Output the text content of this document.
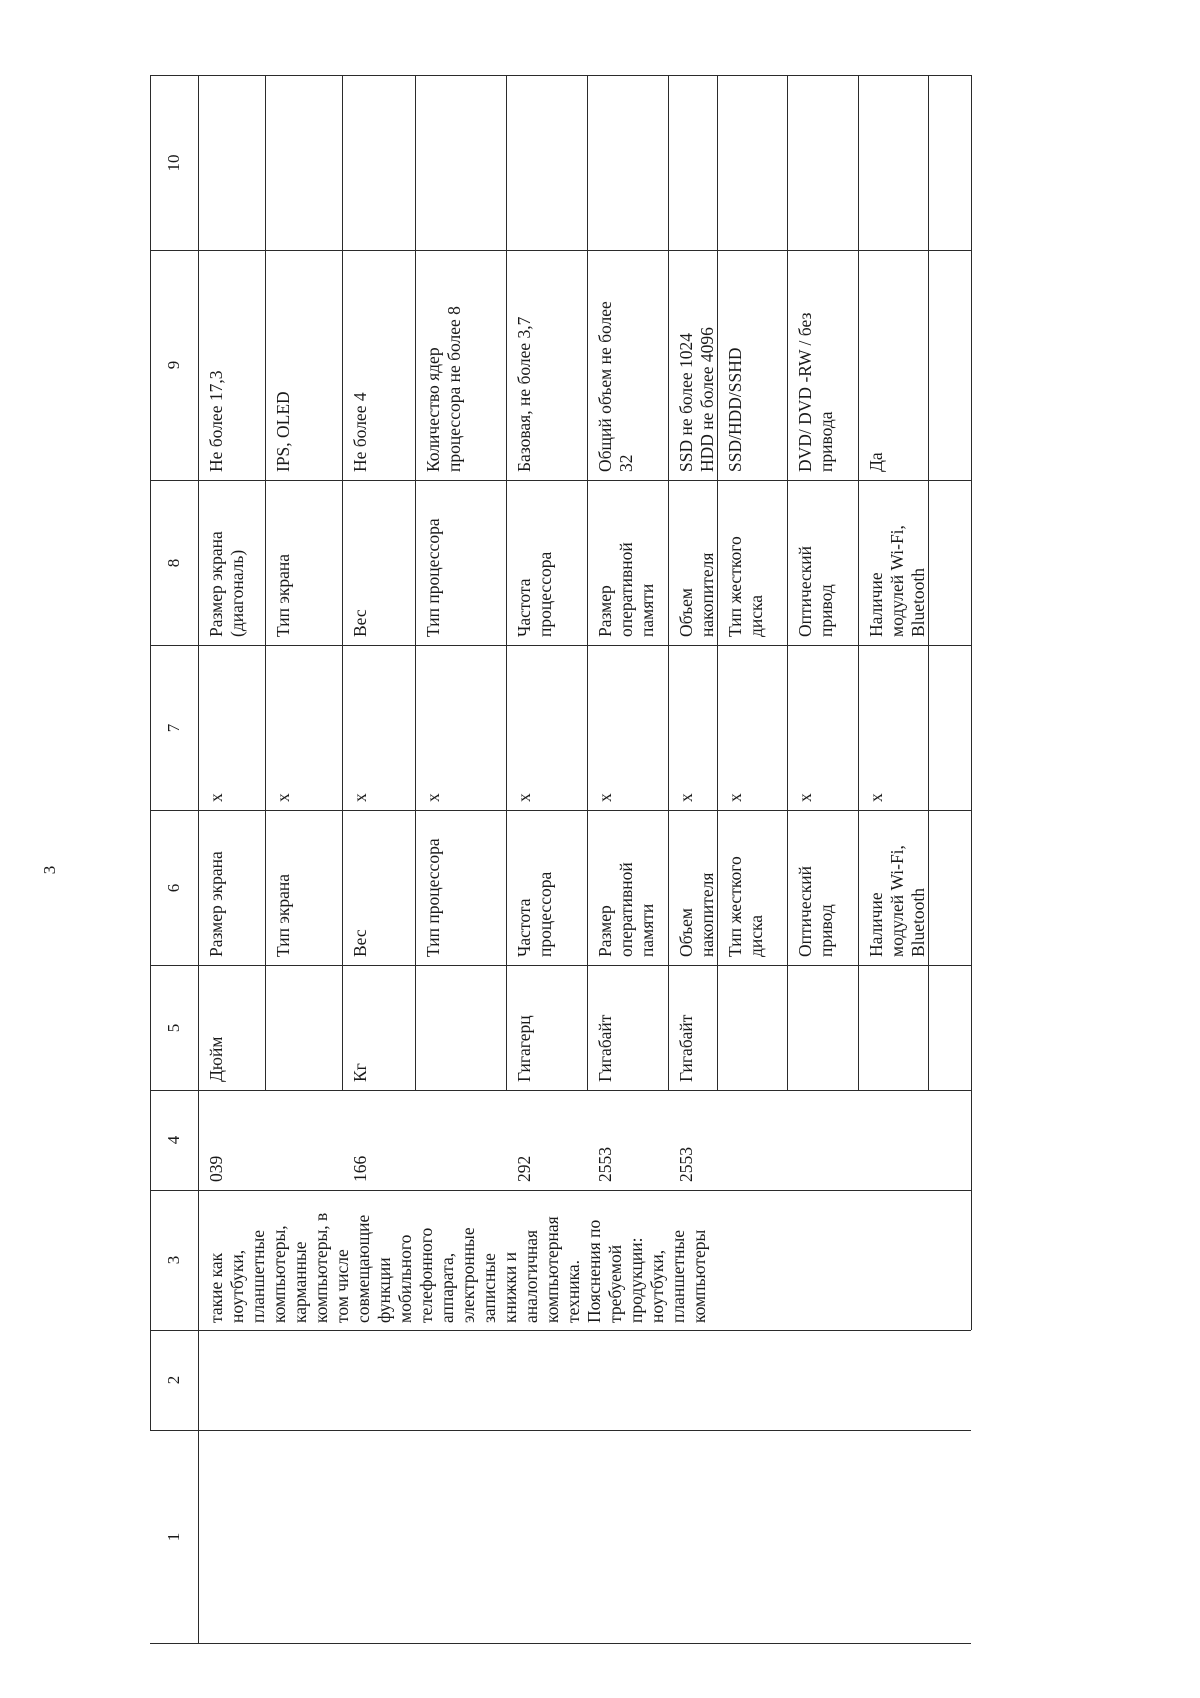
3
10
9
8
7
6
5
4
3
2
1
такие как
ноутбуки,
планшетные
компьютеры,
карманные
компьютеры, в
том числе
совмещающие
функции
мобильного
телефонного
аппарата,
электронные
записные
книжки и
аналогичная
компьютерная
техника.
Пояснения по
требуемой
продукции:
ноутбуки,
планшетные
компьютеры
Не более 17,3
Размер экрана
(диагональ)
x
Размер экрана
Дюйм
039
IPS, OLED
Тип экрана
x
Тип экрана
Не более 4
Вес
x
Вес
Кг
166
Количество ядер
процессора не более 8
Тип процессора
x
Тип процессора
Базовая, не более 3,7
Частота
процессора
x
Частота
процессора
Гигагерц
292
Общий объем не более
32
Размер
оперативной
памяти
x
Размер
оперативной
памяти
Гигабайт
2553
SSD не более 1024
HDD не более 4096
Объем
накопителя
x
Объем
накопителя
Гигабайт
2553
SSD/HDD/SSHD
Тип жесткого
диска
x
Тип жесткого
диска
DVD/ DVD -RW / без
привода
Оптический
привод
x
Оптический
привод
Да
Наличие
модулей Wi-Fi,
Bluetooth
x
Наличие
модулей Wi-Fi,
Bluetooth
